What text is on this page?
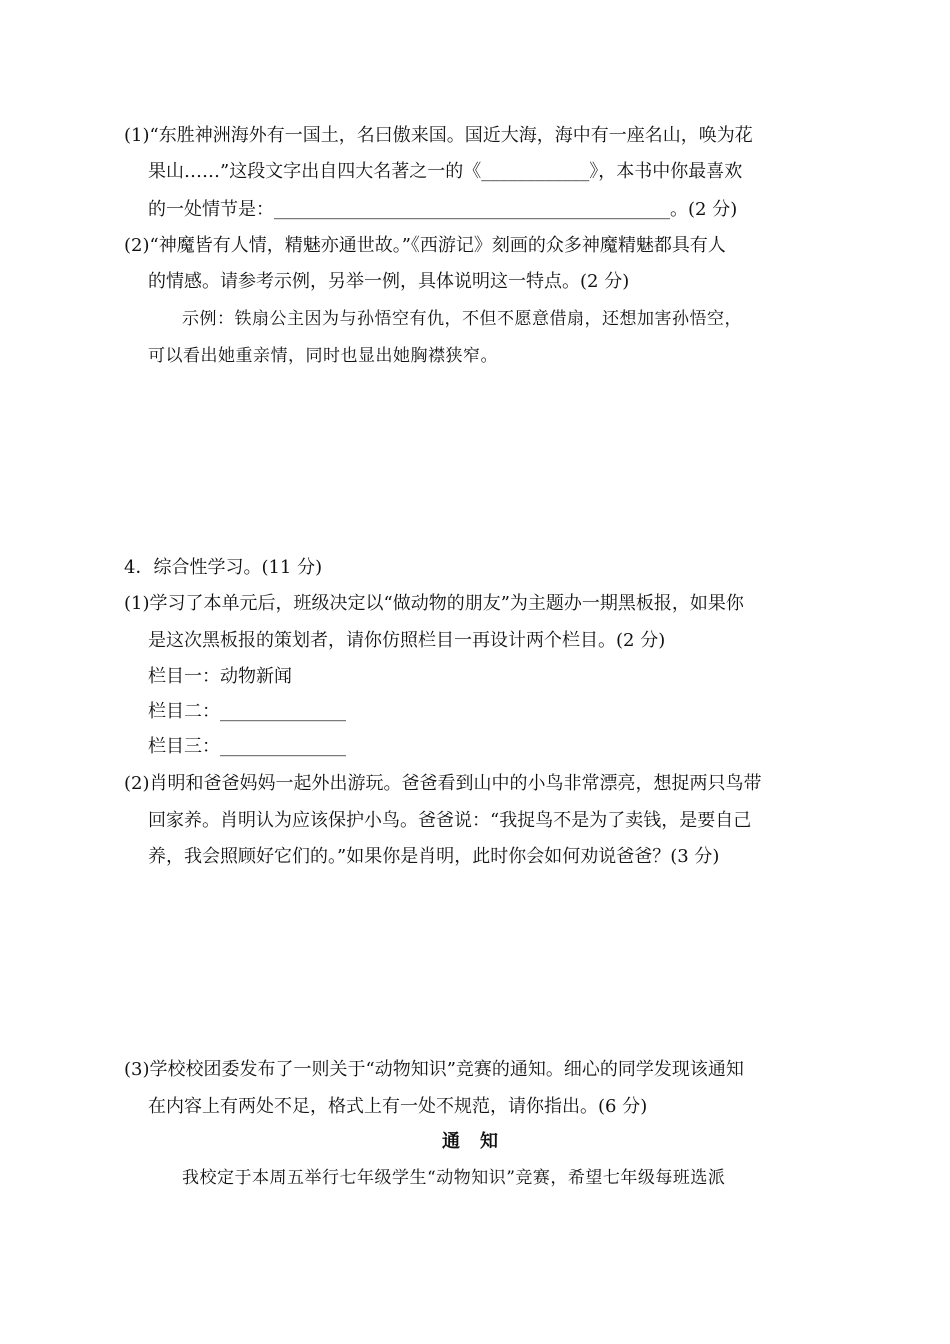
(1)“东胜神洲海外有一国土，名曰傲来国。国近大海，海中有一座名山，唤为花
果山……”这段文字出自四大名著之一的《____________》，本书中你最喜欢
的一处情节是：____________________________________________。(2 分)
(2)“神魔皆有人情，精魅亦通世故。”《西游记》刻画的众多神魔精魅都具有人
的情感。请参考示例，另举一例，具体说明这一特点。(2 分)
示例：铁扇公主因为与孙悟空有仇，不但不愿意借扇，还想加害孙悟空，
可以看出她重亲情，同时也显出她胸襟狭窄。
4．综合性学习。(11 分)
(1)学习了本单元后，班级决定以“做动物的朋友”为主题办一期黑板报，如果你
是这次黑板报的策划者，请你仿照栏目一再设计两个栏目。(2 分)
栏目一：动物新闻
栏目二：______________
栏目三：______________
(2)肖明和爸爸妈妈一起外出游玩。爸爸看到山中的小鸟非常漂亮，想捉两只鸟带
回家养。肖明认为应该保护小鸟。爸爸说：“我捉鸟不是为了卖钱，是要自己
养，我会照顾好它们的。”如果你是肖明，此时你会如何劝说爸爸？(3 分)
(3)学校校团委发布了一则关于“动物知识”竞赛的通知。细心的同学发现该通知
在内容上有两处不足，格式上有一处不规范，请你指出。(6 分)
通知
我校定于本周五举行七年级学生“动物知识”竞赛，希望七年级每班选派
